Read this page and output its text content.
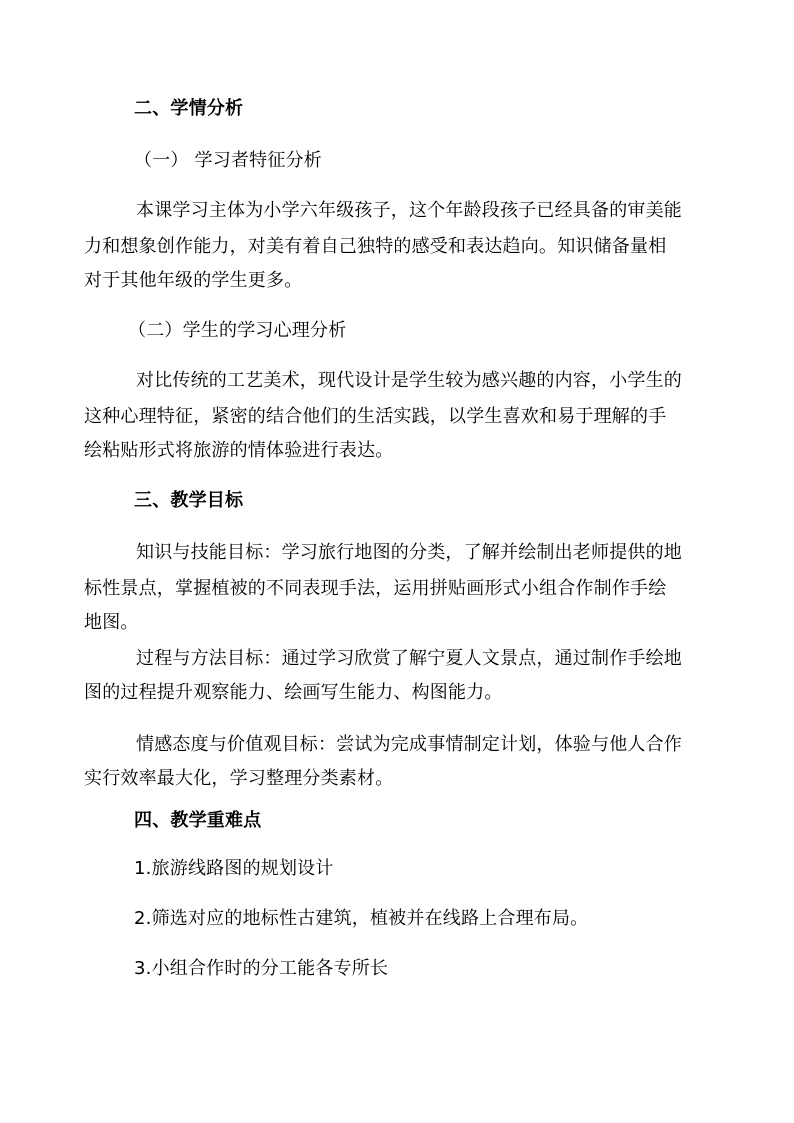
二、学情分析
（一） 学习者特征分析
本课学习主体为小学六年级孩子，这个年龄段孩子已经具备的审美能
力和想象创作能力，对美有着自己独特的感受和表达趋向。知识储备量相
对于其他年级的学生更多。
（二）学生的学习心理分析
对比传统的工艺美术，现代设计是学生较为感兴趣的内容，小学生的
这种心理特征，紧密的结合他们的生活实践，以学生喜欢和易于理解的手
绘粘贴形式将旅游的情体验进行表达。
三、教学目标
知识与技能目标：学习旅行地图的分类，了解并绘制出老师提供的地
标性景点，掌握植被的不同表现手法，运用拼贴画形式小组合作制作手绘
地图。
过程与方法目标：通过学习欣赏了解宁夏人文景点，通过制作手绘地
图的过程提升观察能力、绘画写生能力、构图能力。
情感态度与价值观目标：尝试为完成事情制定计划，体验与他人合作
实行效率最大化，学习整理分类素材。
四、教学重难点
1.旅游线路图的规划设计
2.筛选对应的地标性古建筑，植被并在线路上合理布局。
3.小组合作时的分工能各专所长
